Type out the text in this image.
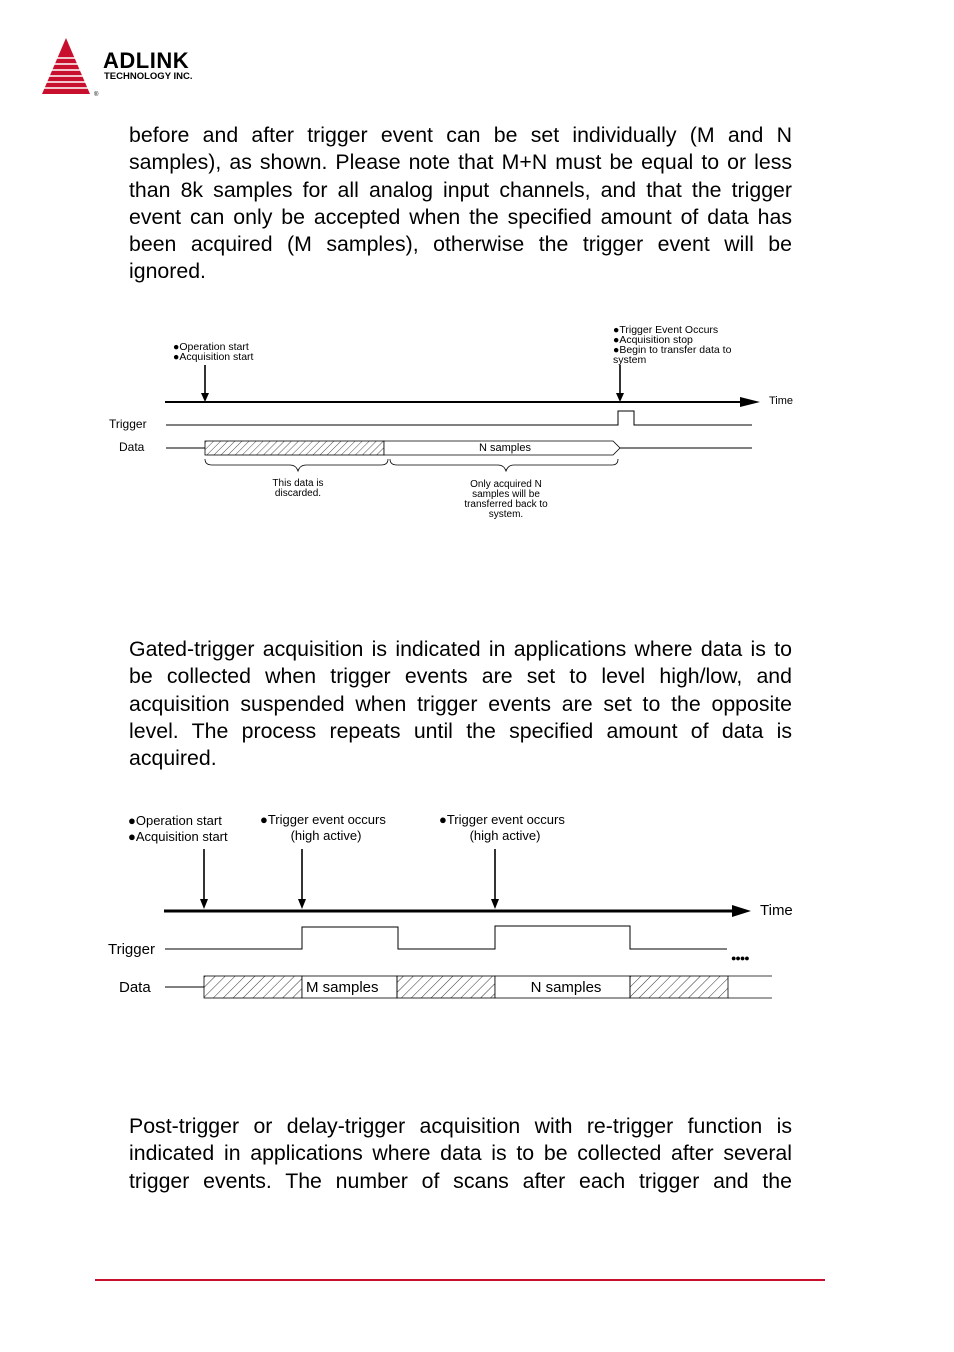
ADLINK
TECHNOLOGY INC.
®

before and after trigger event can be set individually (M and N samples), as shown. Please note that M+N must be equal to or less than 8k samples for all analog input channels, and that the trigger event can only be accepted when the specified amount of data has been acquired (M samples), otherwise the trigger event will be ignored.

●Operation start
●Acquisition start
●Trigger Event Occurs
●Acquisition stop
●Begin to transfer data to
system
Time
Trigger
Data	N samples
This data is
discarded.
Only acquired N
samples will be
transferred back to
system.

Gated-trigger acquisition is indicated in applications where data is to be collected when trigger events are set to level high/low, and acquisition suspended when trigger events are set to the opposite level. The process repeats until the specified amount of data is acquired.

●Operation start
●Acquisition start
●Trigger event occurs
(high active)
●Trigger event occurs
(high active)
Time
Trigger	●●●●
Data	M samples	N samples

Post-trigger or delay-trigger acquisition with re-trigger function is indicated in applications where data is to be collected after several trigger events. The number of scans after each trigger and the
